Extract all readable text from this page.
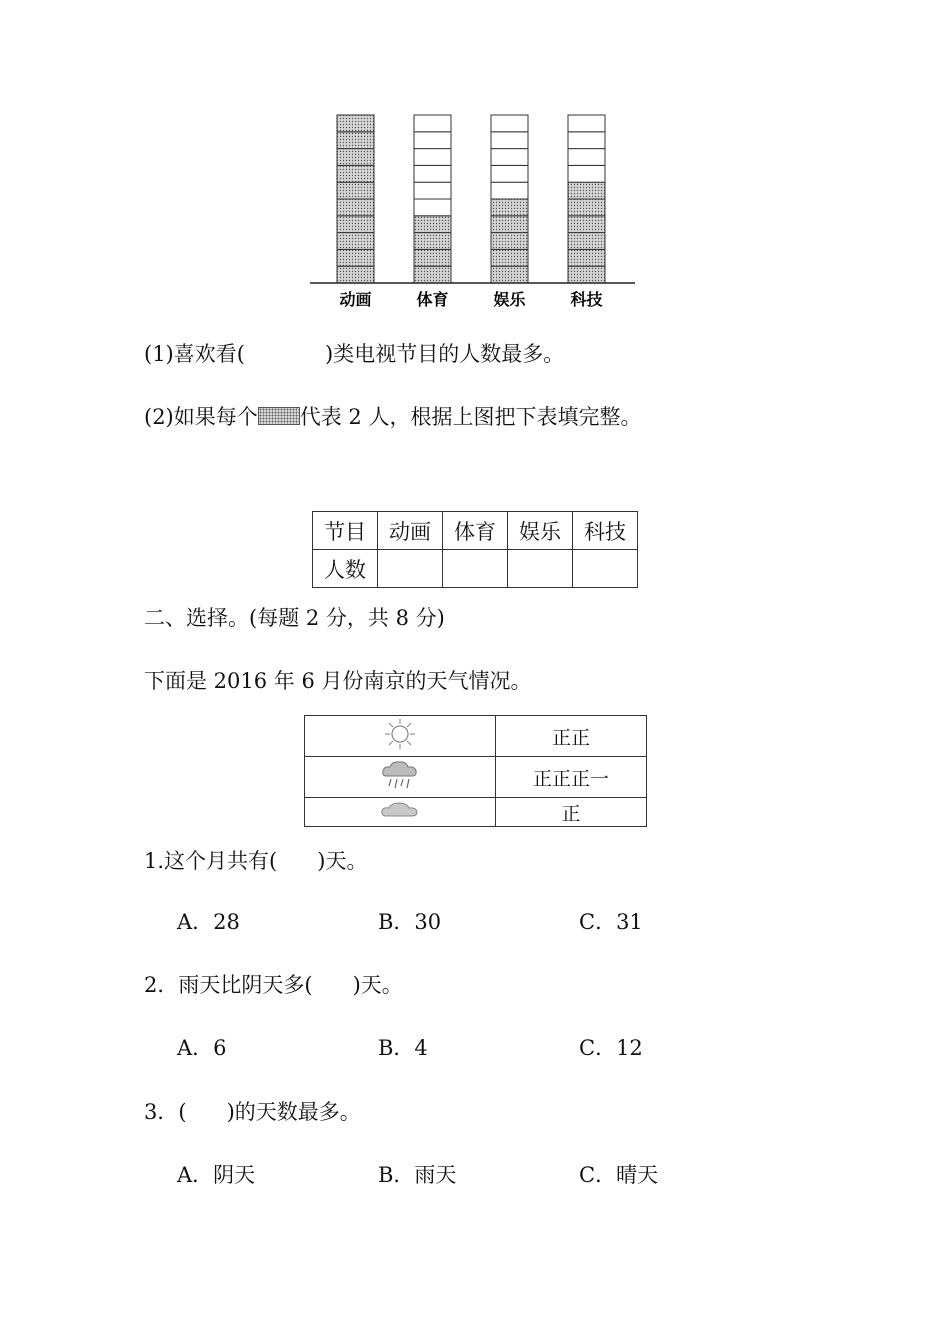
动画	体育	娱乐	科技
(1)喜欢看(            )类电视节目的人数最多。
(2)如果每个 代表 2 人，根据上图把下表填完整。
节目	动画	体育	娱乐	科技
人数				
二、选择。(每题 2 分，共 8 分)
下面是 2016 年 6 月份南京的天气情况。
	正正
	正正正一
	正
1.这个月共有(      )天。
A．28	B．30	C．31
2．雨天比阴天多(      )天。
A．6	B．4	C．12
3．(      )的天数最多。
A．阴天	B．雨天	C．晴天
